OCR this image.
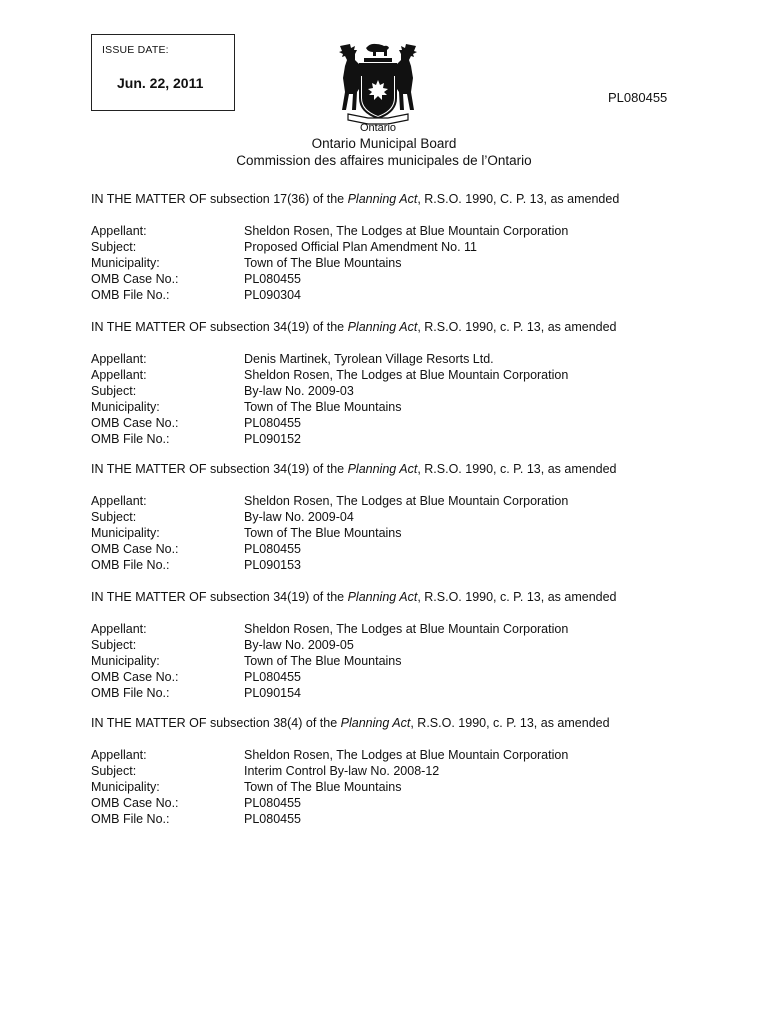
ISSUE DATE:
Jun. 22, 2011
Ontario
PL080455
Ontario Municipal Board
Commission des affaires municipales de l’Ontario
IN THE MATTER OF subsection 17(36) of the Planning Act, R.S.O. 1990, C. P. 13, as amended
Appellant:	Sheldon Rosen, The Lodges at Blue Mountain Corporation
Subject:	Proposed Official Plan Amendment No. 11
Municipality:	Town of The Blue Mountains
OMB Case No.:	PL080455
OMB File No.:	PL090304
IN THE MATTER OF subsection 34(19) of the Planning Act, R.S.O. 1990, c. P. 13, as amended
Appellant:	Denis Martinek, Tyrolean Village Resorts Ltd.
Appellant:	Sheldon Rosen, The Lodges at Blue Mountain Corporation
Subject:	By-law No. 2009-03
Municipality:	Town of The Blue Mountains
OMB Case No.:	PL080455
OMB File No.:	PL090152
IN THE MATTER OF subsection 34(19) of the Planning Act, R.S.O. 1990, c. P. 13, as amended
Appellant:	Sheldon Rosen, The Lodges at Blue Mountain Corporation
Subject:	By-law No. 2009-04
Municipality:	Town of The Blue Mountains
OMB Case No.:	PL080455
OMB File No.:	PL090153
IN THE MATTER OF subsection 34(19) of the Planning Act, R.S.O. 1990, c. P. 13, as amended
Appellant:	Sheldon Rosen, The Lodges at Blue Mountain Corporation
Subject:	By-law No. 2009-05
Municipality:	Town of The Blue Mountains
OMB Case No.:	PL080455
OMB File No.:	PL090154
IN THE MATTER OF subsection 38(4) of the Planning Act, R.S.O. 1990, c. P. 13, as amended
Appellant:	Sheldon Rosen, The Lodges at Blue Mountain Corporation
Subject:	Interim Control By-law No. 2008-12
Municipality:	Town of The Blue Mountains
OMB Case No.:	PL080455
OMB File No.:	PL080455
